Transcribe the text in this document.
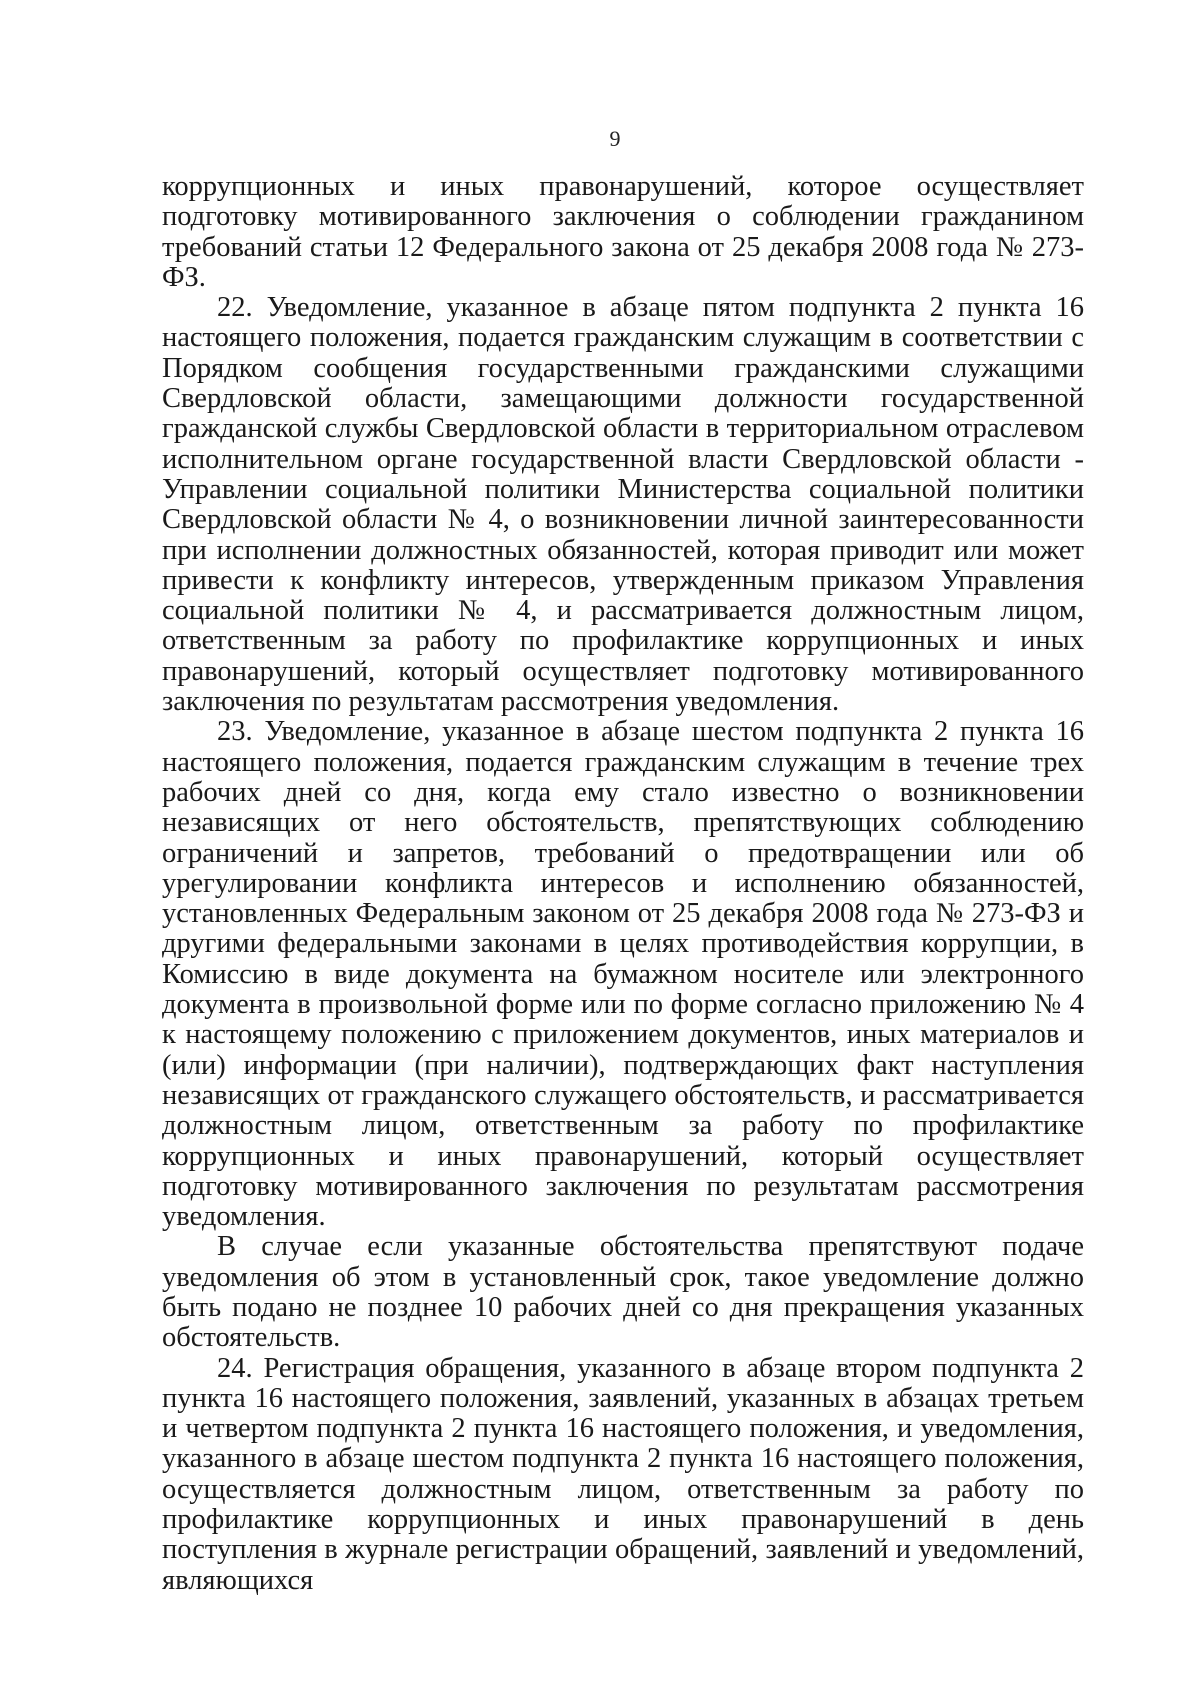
9

коррупционных и иных правонарушений, которое осуществляет подготовку мотивированного заключения о соблюдении гражданином требований статьи 12 Федерального закона от 25 декабря 2008 года № 273-ФЗ.

22. Уведомление, указанное в абзаце пятом подпункта 2 пункта 16 настоящего положения, подается гражданским служащим в соответствии с Порядком сообщения государственными гражданскими служащими Свердловской области, замещающими должности государственной гражданской службы Свердловской области в территориальном отраслевом исполнительном органе государственной власти Свердловской области - Управлении социальной политики Министерства социальной политики Свердловской области № 4, о возникновении личной заинтересованности при исполнении должностных обязанностей, которая приводит или может привести к конфликту интересов, утвержденным приказом Управления социальной политики № 4, и рассматривается должностным лицом, ответственным за работу по профилактике коррупционных и иных правонарушений, который осуществляет подготовку мотивированного заключения по результатам рассмотрения уведомления.

23. Уведомление, указанное в абзаце шестом подпункта 2 пункта 16 настоящего положения, подается гражданским служащим в течение трех рабочих дней со дня, когда ему стало известно о возникновении независящих от него обстоятельств, препятствующих соблюдению ограничений и запретов, требований о предотвращении или об урегулировании конфликта интересов и исполнению обязанностей, установленных Федеральным законом от 25 декабря 2008 года № 273-ФЗ и другими федеральными законами в целях противодействия коррупции, в Комиссию в виде документа на бумажном носителе или электронного документа в произвольной форме или по форме согласно приложению № 4 к настоящему положению с приложением документов, иных материалов и (или) информации (при наличии), подтверждающих факт наступления независящих от гражданского служащего обстоятельств, и рассматривается должностным лицом, ответственным за работу по профилактике коррупционных и иных правонарушений, который осуществляет подготовку мотивированного заключения по результатам рассмотрения уведомления.

В случае если указанные обстоятельства препятствуют подаче уведомления об этом в установленный срок, такое уведомление должно быть подано не позднее 10 рабочих дней со дня прекращения указанных обстоятельств.

24. Регистрация обращения, указанного в абзаце втором подпункта 2 пункта 16 настоящего положения, заявлений, указанных в абзацах третьем и четвертом подпункта 2 пункта 16 настоящего положения, и уведомления, указанного в абзаце шестом подпункта 2 пункта 16 настоящего положения, осуществляется должностным лицом, ответственным за работу по профилактике коррупционных и иных правонарушений в день поступления в журнале регистрации обращений, заявлений и уведомлений, являющихся
